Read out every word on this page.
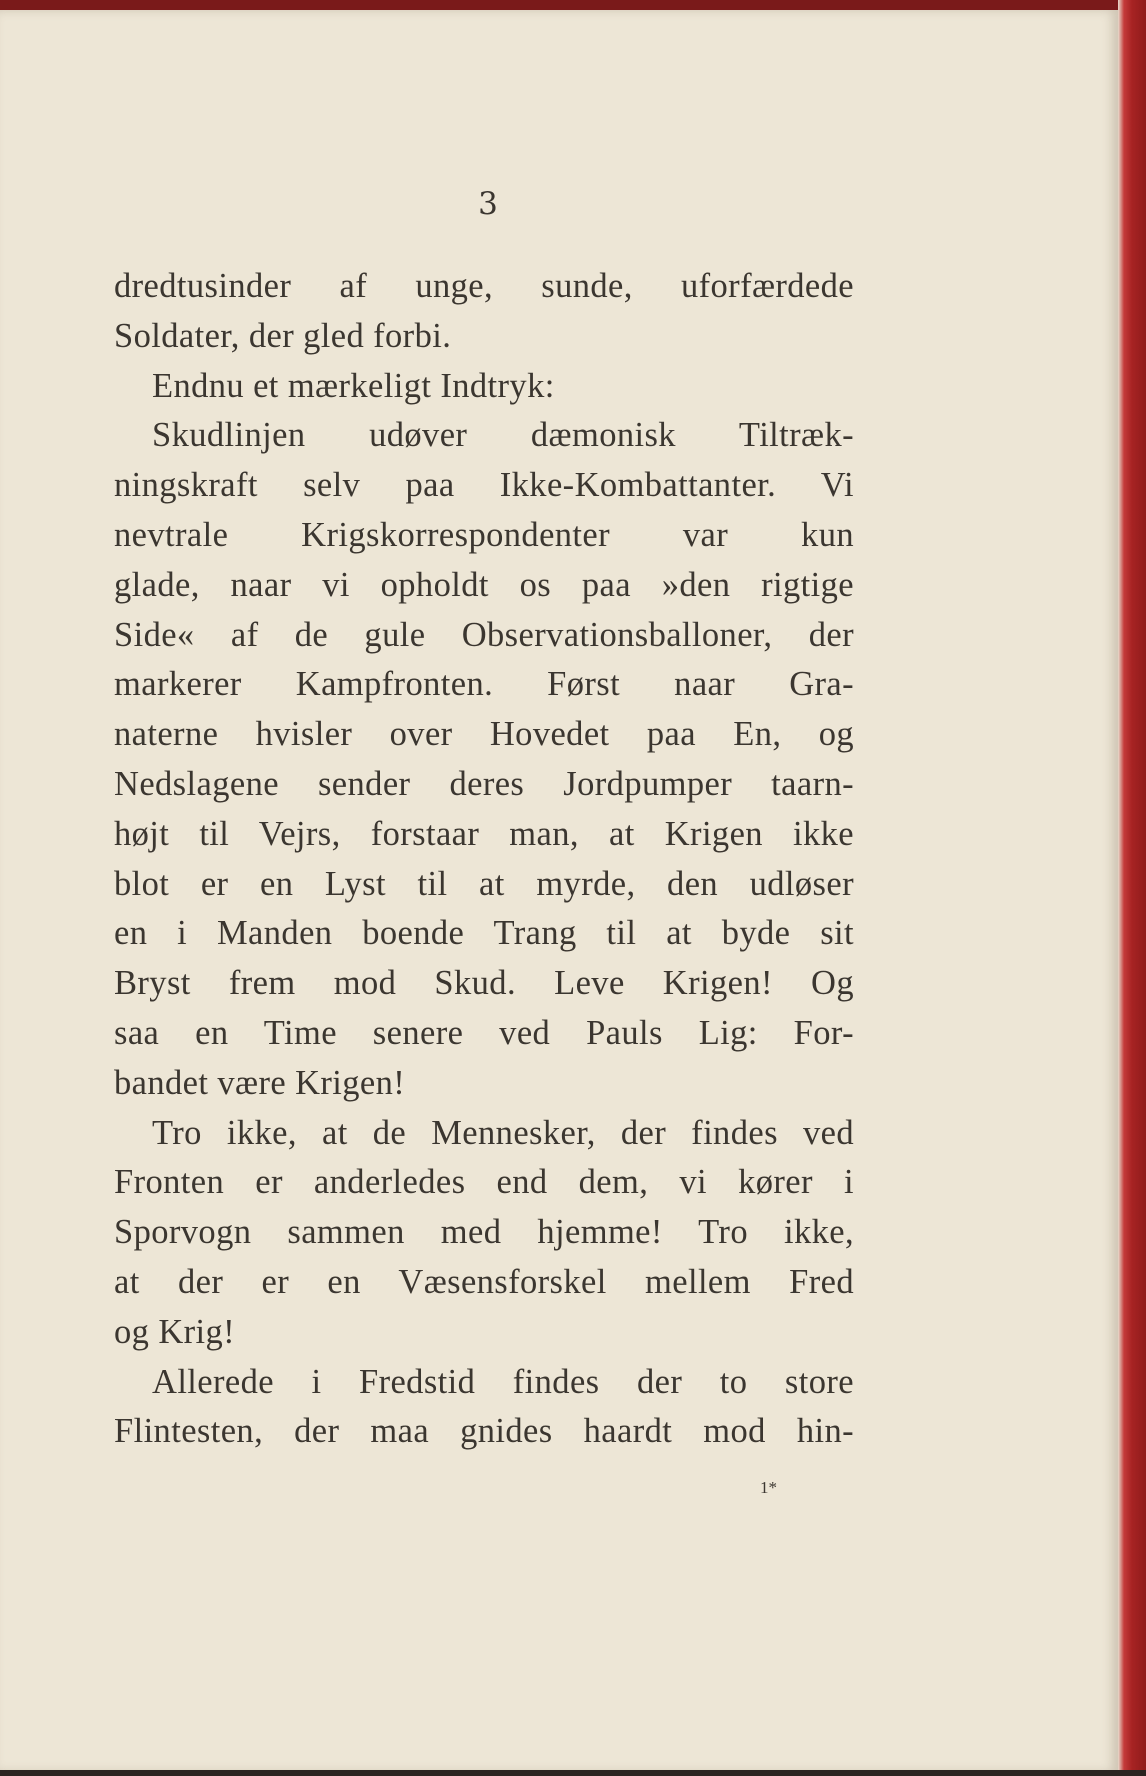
3
dredtusinder af unge, sunde, uforfærdede
Soldater, der gled forbi.
Endnu et mærkeligt Indtryk:
Skudlinjen udøver dæmonisk Tiltræk-
ningskraft selv paa Ikke-Kombattanter. Vi
nevtrale Krigskorrespondenter var kun
glade, naar vi opholdt os paa »den rigtige
Side« af de gule Observationsballoner, der
markerer Kampfronten. Først naar Gra-
naterne hvisler over Hovedet paa En, og
Nedslagene sender deres Jordpumper taarn-
højt til Vejrs, forstaar man, at Krigen ikke
blot er en Lyst til at myrde, den udløser
en i Manden boende Trang til at byde sit
Bryst frem mod Skud. Leve Krigen! Og
saa en Time senere ved Pauls Lig: For-
bandet være Krigen!
Tro ikke, at de Mennesker, der findes ved
Fronten er anderledes end dem, vi kører i
Sporvogn sammen med hjemme! Tro ikke,
at der er en Væsensforskel mellem Fred
og Krig!
Allerede i Fredstid findes der to store
Flintesten, der maa gnides haardt mod hin-
1*
